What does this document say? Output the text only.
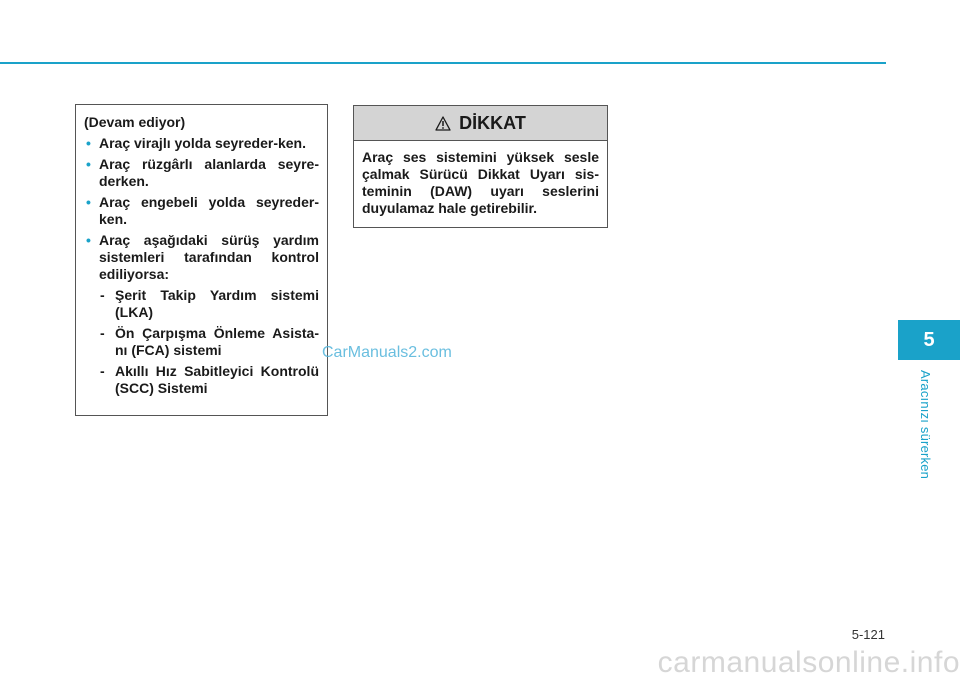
(Devam ediyor)
• Araç virajlı yolda seyreder-ken.
• Araç rüzgârlı alanlarda seyre-derken.
• Araç engebeli yolda seyreder-ken.
• Araç aşağıdaki sürüş yardım sistemleri tarafından kontrol ediliyorsa:
- Şerit Takip Yardım sistemi (LKA)
- Ön Çarpışma Önleme Asista-nı (FCA) sistemi
- Akıllı Hız Sabitleyici Kontrolü (SCC) Sistemi
DİKKAT
Araç ses sistemini yüksek sesle çalmak Sürücü Dikkat Uyarı sis-teminin (DAW) uyarı seslerini duyulamaz hale getirebilir.
CarManuals2.com
5
Aracınızı sürerken
5-121
carmanualsonline.info
